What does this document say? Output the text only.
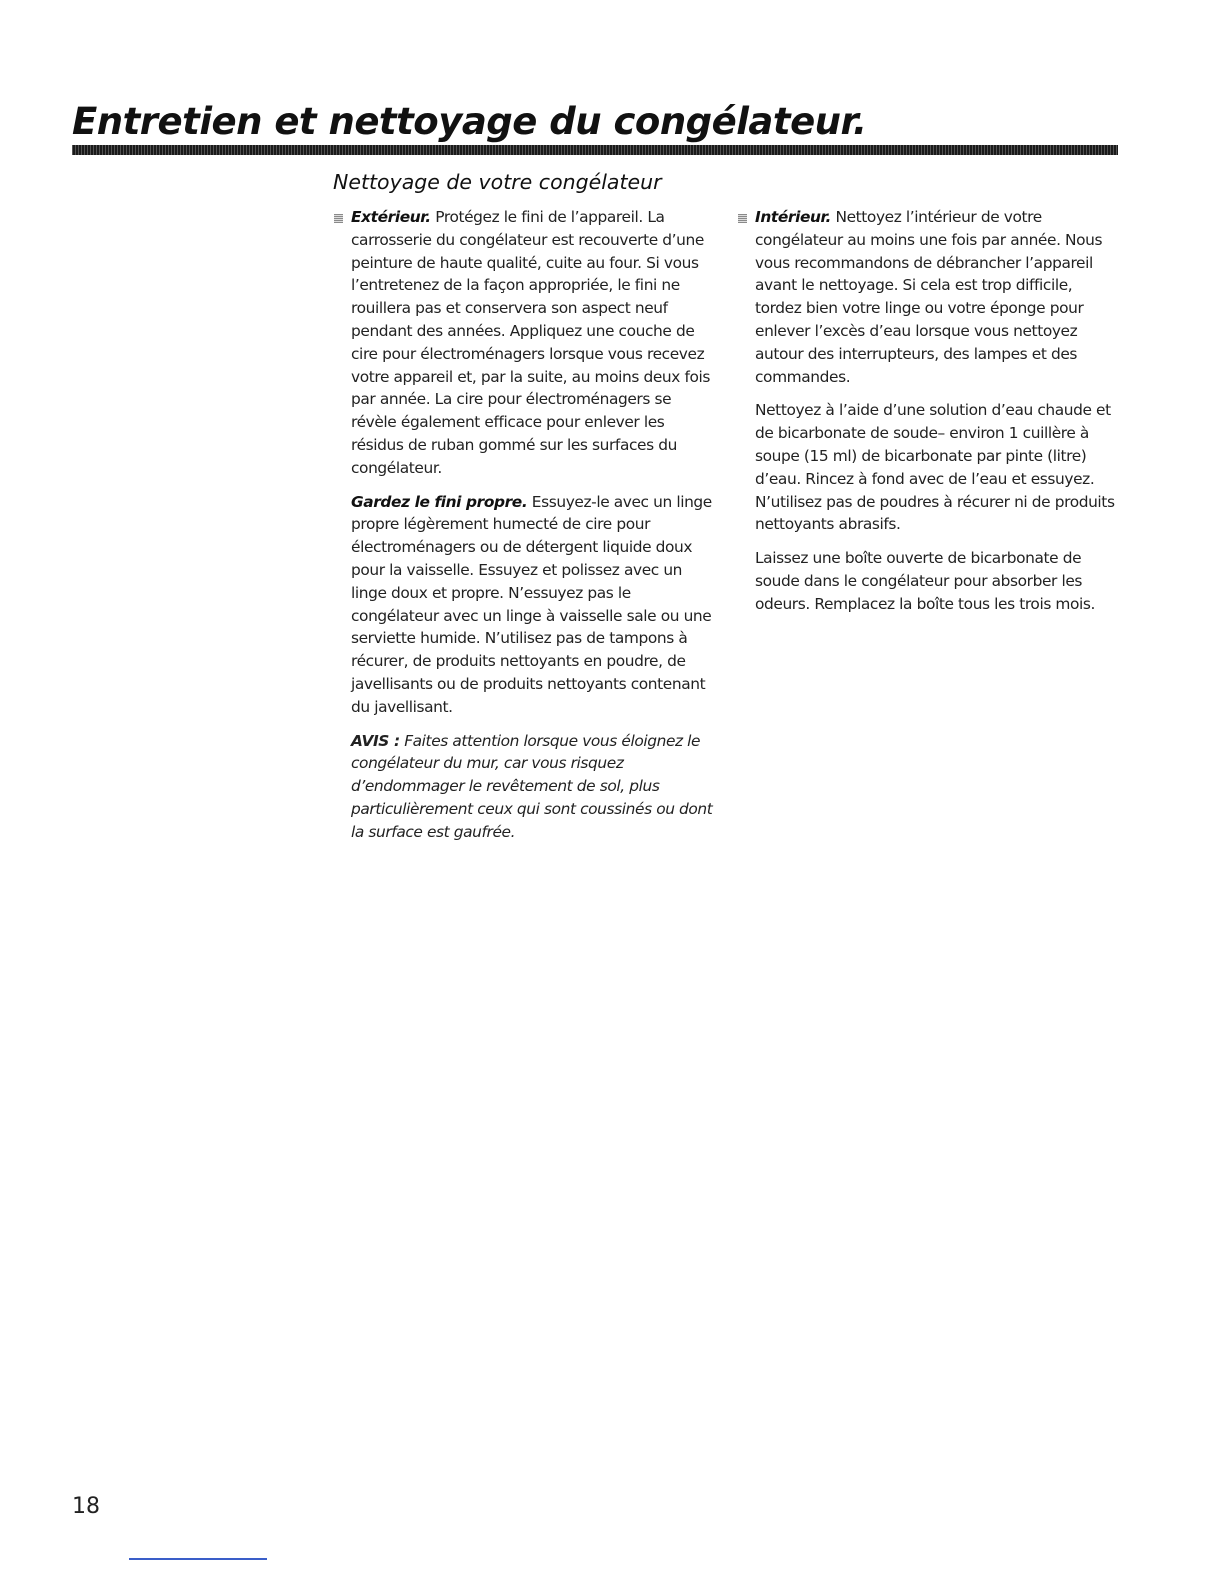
Entretien et nettoyage du congélateur.
Nettoyage de votre congélateur

Extérieur. Protégez le fini de l’appareil. La carrosserie du congélateur est recouverte d’une peinture de haute qualité, cuite au four. Si vous l’entretenez de la façon appropriée, le fini ne rouillera pas et conservera son aspect neuf pendant des années. Appliquez une couche de cire pour électroménagers lorsque vous recevez votre appareil et, par la suite, au moins deux fois par année. La cire pour électroménagers se révèle également efficace pour enlever les résidus de ruban gommé sur les surfaces du congélateur.

Gardez le fini propre. Essuyez-le avec un linge propre légèrement humecté de cire pour électroménagers ou de détergent liquide doux pour la vaisselle. Essuyez et polissez avec un linge doux et propre. N’essuyez pas le congélateur avec un linge à vaisselle sale ou une serviette humide. N’utilisez pas de tampons à récurer, de produits nettoyants en poudre, de javellisants ou de produits nettoyants contenant du javellisant.

AVIS : Faites attention lorsque vous éloignez le congélateur du mur, car vous risquez d’endommager le revêtement de sol, plus particulièrement ceux qui sont coussinés ou dont la surface est gaufrée.

Intérieur. Nettoyez l’intérieur de votre congélateur au moins une fois par année. Nous vous recommandons de débrancher l’appareil avant le nettoyage. Si cela est trop difficile, tordez bien votre linge ou votre éponge pour enlever l’excès d’eau lorsque vous nettoyez autour des interrupteurs, des lampes et des commandes.

Nettoyez à l’aide d’une solution d’eau chaude et de bicarbonate de soude– environ 1 cuillère à soupe (15 ml) de bicarbonate par pinte (litre) d’eau. Rincez à fond avec de l’eau et essuyez. N’utilisez pas de poudres à récurer ni de produits nettoyants abrasifs.

Laissez une boîte ouverte de bicarbonate de soude dans le congélateur pour absorber les odeurs. Remplacez la boîte tous les trois mois.

18
